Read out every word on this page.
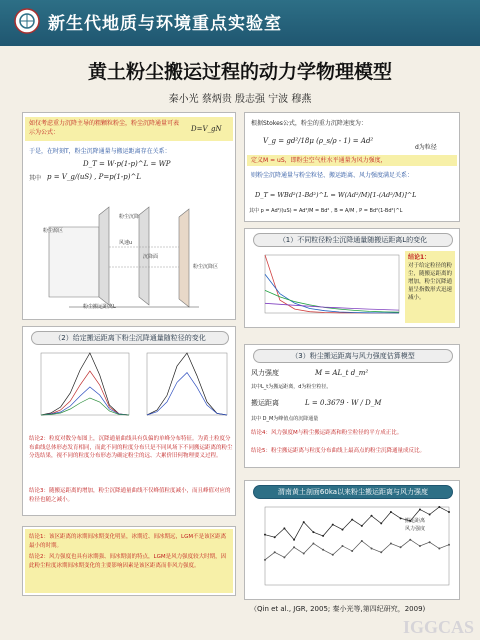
新生代地质与环境重点实验室
黄土粉尘搬运过程的动力学物理模型
秦小光 蔡炳贵 殷志强 宁波 穆燕
如仅考虑重力沉降主导的粗颗粒粉尘，粉尘沉降通量可表示为公式：	D=V_gN
于是，在时刻T，粉尘沉降通量与搬运距离存在关系：
D_T = W·p(1-p)^L = WP
其中 p = V_g/(uS) , P=p(1-p)^L
粉尘源区
粉尘沉降
沉降面
风速u
粉尘沉降区
粉尘搬运距离L
根据Stokes公式，粉尘的重力沉降速度为：
V_g = gd²/18μ (ρ_s/ρ - 1) = Ad²
d为粒径
定义M = uS，即粉尘空气柱水平通量为风力强度，
则粉尘沉降通量与粉尘粒径、搬运距离、风力强度满足关系：
D_T = WBd²(1-Bd²)^L = W(Ad²/M)[1-(Ad²/M)]^L
其中 p = Ad²/(uS) = Ad²/M = Bd² , B = A/M , P = Bd²(1-Bd²)^L
（1）不同粒径粉尘沉降通量随搬运距离L的变化
结论1：
对于给定粒径的粉尘，随搬运距离的增加，粉尘沉降通量呈指数形式迅速减小。
（2）给定搬运距离下粉尘沉降通量随粒径的变化
结论2：粒度对数分布图上，沉降通量曲线具有负偏的单峰分布特征。为黄土粒度分布曲线总体形态发育相同，而此不同的粒度分布只是不同风场下不同搬运距离的粉尘分选结果，视不同的粒度分布形态为确定粉尘的远、大累价旧何物理要义过程。
结论3：随搬运距离的增加，粉尘沉降通量曲线不仅峰值粒度减小，而且峰值对应的粒径也随之减小。
（3）粉尘搬运距离与风力强度估算模型
风力强度	M = AL_t d_m²
其中L_t为搬运距离，d为粉尘粒径。
搬运距离	L = 0.3679 · W / D_M
其中 D_M为峰值点的沉降通量
结论4：风力强度M与粉尘搬运距离和粉尘粒径的平方成正比。
结论5：粉尘搬运距离与粒度分布曲线上最高点的粉尘沉降通量成反比。
渭南黄土剖面60ka以来粉尘搬运距离与风力强度
搬运距离
风力强度
结论1：该区距离的冰期间冰期变化明显，冰期近、间冰期远，LGM不是该区距离最小的时期。
结论2：风力强度也具有冰期强、间冰期弱的特点，LGM是风力强度较大时期，因此粉尘粒度冰期间冰期变化的主要影响因素是该区距离而非风力强度。
（Qin et al., JGR, 2005; 秦小光等,第四纪研究，2009)
IGGCAS
